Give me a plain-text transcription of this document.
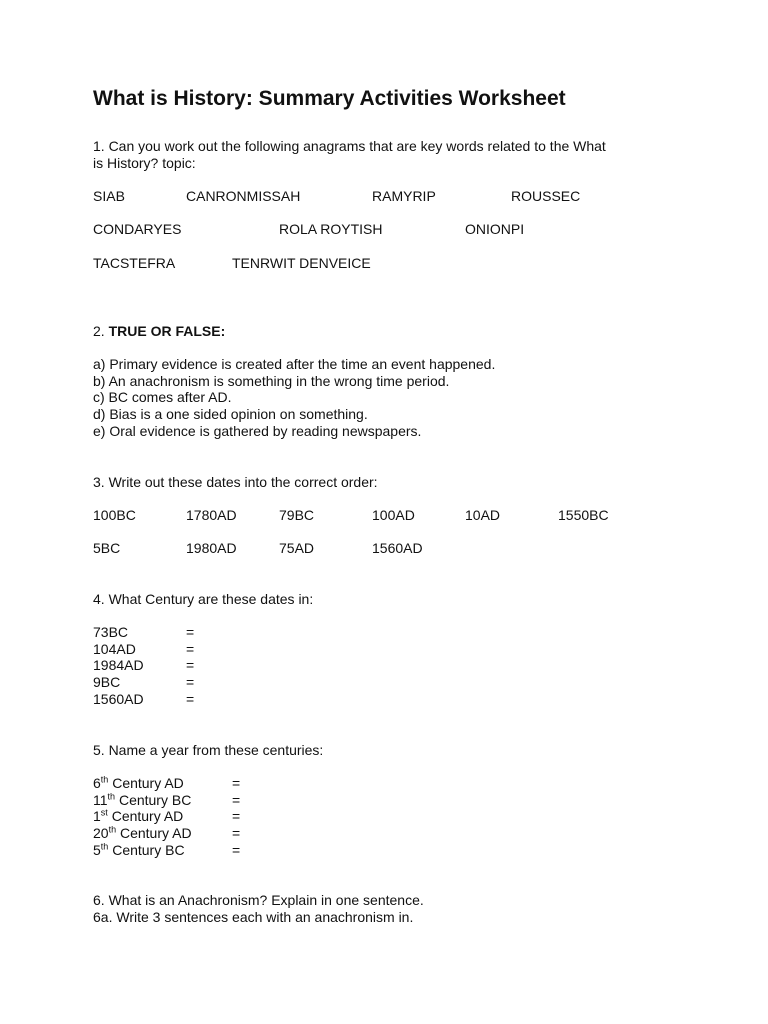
What is History: Summary Activities Worksheet
1. Can you work out the following anagrams that are key words related to the What
is History? topic:
SIAB	CANRONMISSAH	RAMYRIP	ROUSSEC
CONDARYES	ROLA ROYTISH	ONIONPI
TACSTEFRA	TENRWIT DENVEICE
2. TRUE OR FALSE:
a) Primary evidence is created after the time an event happened.
b) An anachronism is something in the wrong time period.
c) BC comes after AD.
d) Bias is a one sided opinion on something.
e) Oral evidence is gathered by reading newspapers.
3. Write out these dates into the correct order:
100BC	1780AD	79BC	100AD	10AD	1550BC
5BC	1980AD	75AD	1560AD
4. What Century are these dates in:
73BC	=
104AD	=
1984AD	=
9BC	=
1560AD	=
5. Name a year from these centuries:
6th Century AD	=
11th Century BC	=
1st Century AD	=
20th Century AD	=
5th Century BC	=
6. What is an Anachronism? Explain in one sentence.
6a. Write 3 sentences each with an anachronism in.
